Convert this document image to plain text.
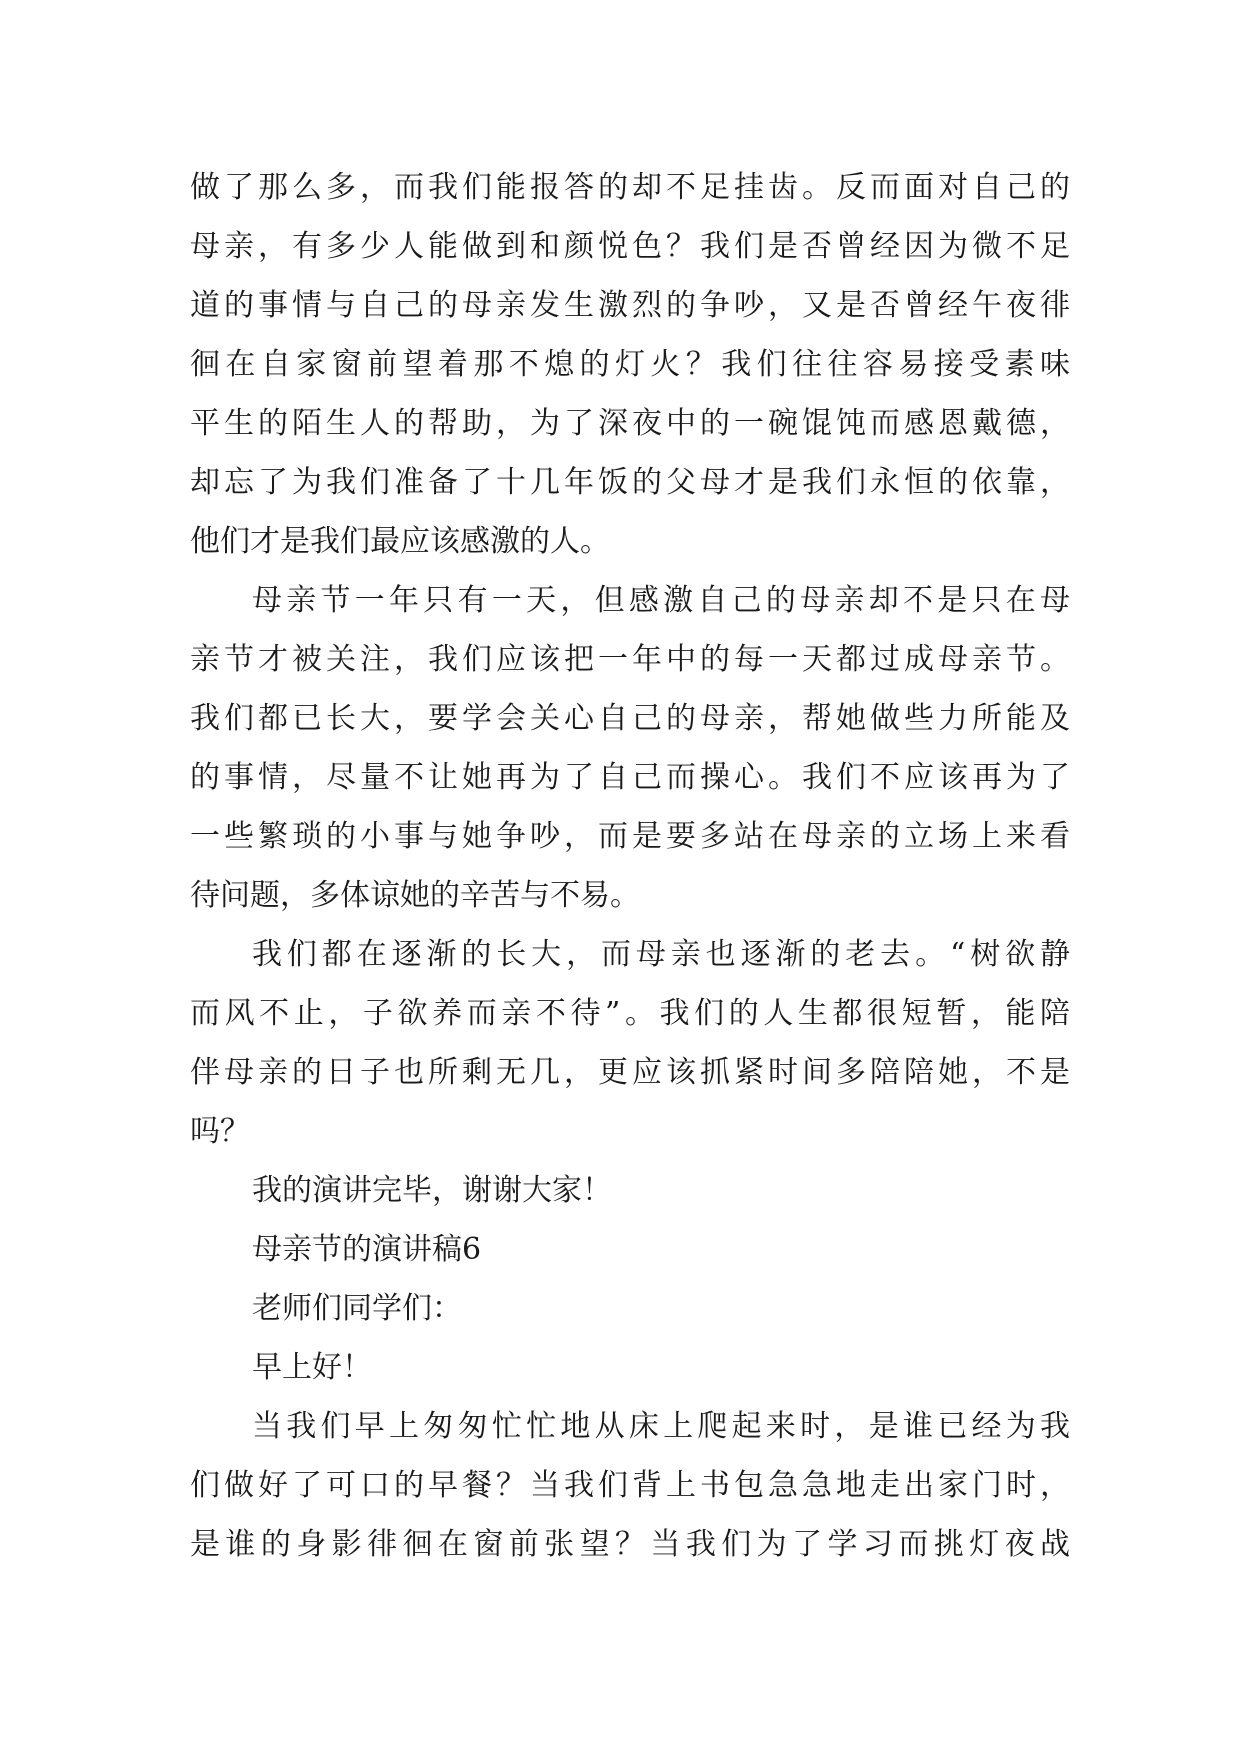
做了那么多，而我们能报答的却不足挂齿。反而面对自己的
母亲，有多少人能做到和颜悦色？我们是否曾经因为微不足
道的事情与自己的母亲发生激烈的争吵，又是否曾经午夜徘
徊在自家窗前望着那不熄的灯火？我们往往容易接受素味
平生的陌生人的帮助，为了深夜中的一碗馄饨而感恩戴德，
却忘了为我们准备了十几年饭的父母才是我们永恒的依靠，
他们才是我们最应该感激的人。
母亲节一年只有一天，但感激自己的母亲却不是只在母
亲节才被关注，我们应该把一年中的每一天都过成母亲节。
我们都已长大，要学会关心自己的母亲，帮她做些力所能及
的事情，尽量不让她再为了自己而操心。我们不应该再为了
一些繁琐的小事与她争吵，而是要多站在母亲的立场上来看
待问题，多体谅她的辛苦与不易。
我们都在逐渐的长大，而母亲也逐渐的老去。“树欲静
而风不止，子欲养而亲不待”。我们的人生都很短暂，能陪
伴母亲的日子也所剩无几，更应该抓紧时间多陪陪她，不是
吗？
我的演讲完毕，谢谢大家！
母亲节的演讲稿6
老师们同学们：
早上好！
当我们早上匆匆忙忙地从床上爬起来时，是谁已经为我
们做好了可口的早餐？当我们背上书包急急地走出家门时，
是谁的身影徘徊在窗前张望？当我们为了学习而挑灯夜战
